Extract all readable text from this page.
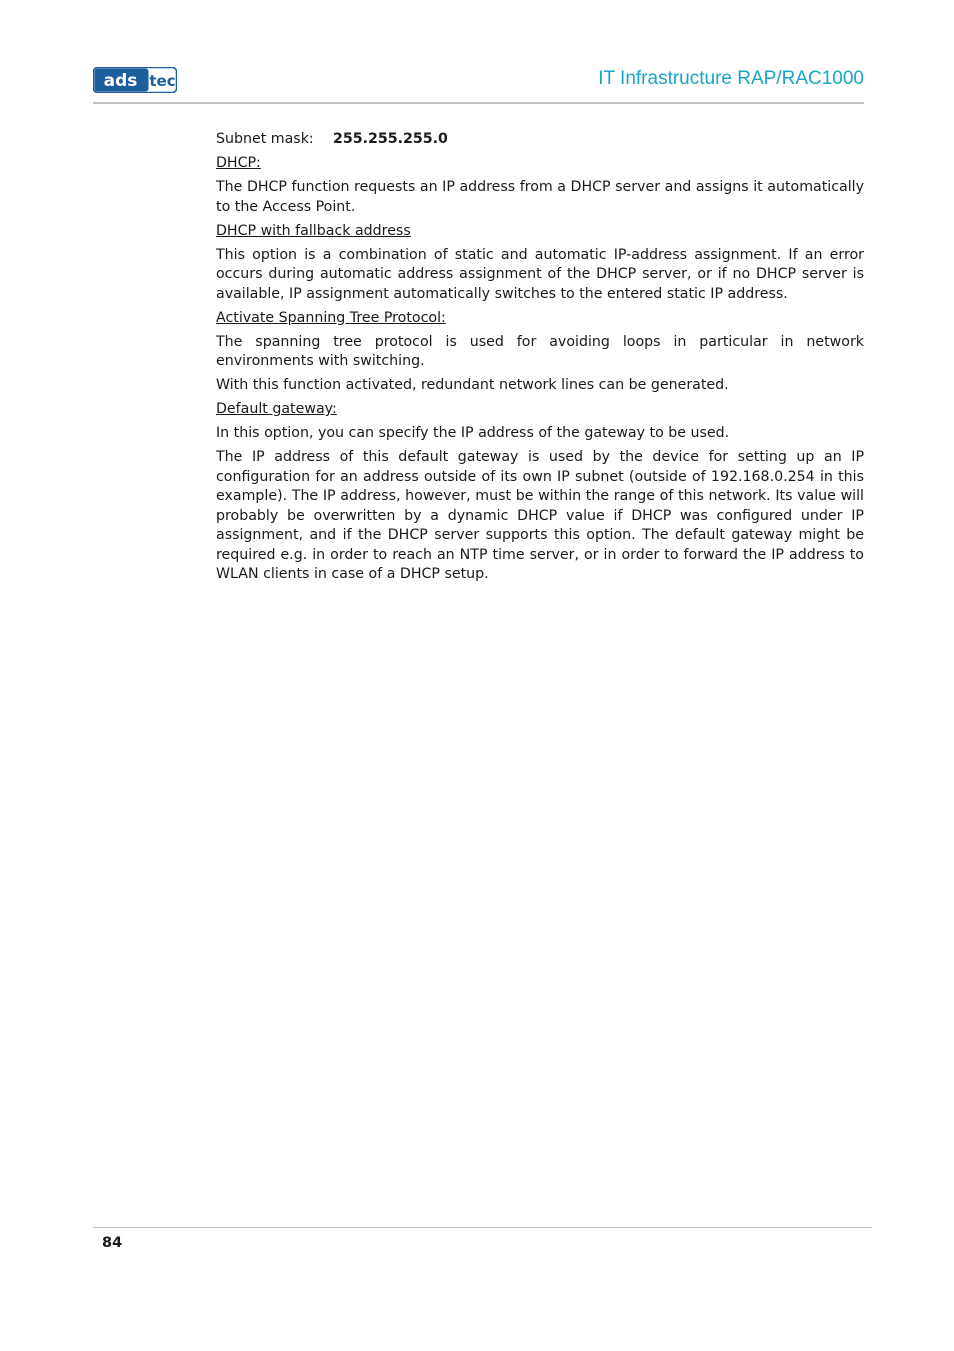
ads tec	IT Infrastructure RAP/RAC1000

Subnet mask: 255.255.255.0

DHCP:

The DHCP function requests an IP address from a DHCP server and assigns it automatically to the Access Point.

DHCP with fallback address

This option is a combination of static and automatic IP-address assignment. If an error occurs during automatic address assignment of the DHCP server, or if no DHCP server is available, IP assignment automatically switches to the entered static IP address.

Activate Spanning Tree Protocol:

The spanning tree protocol is used for avoiding loops in particular in network environments with switching.

With this function activated, redundant network lines can be generated.

Default gateway:

In this option, you can specify the IP address of the gateway to be used.

The IP address of this default gateway is used by the device for setting up an IP configuration for an address outside of its own IP subnet (outside of 192.168.0.254 in this example). The IP address, however, must be within the range of this network. Its value will probably be overwritten by a dynamic DHCP value if DHCP was configured under IP assignment, and if the DHCP server supports this option. The default gateway might be required e.g. in order to reach an NTP time server, or in order to forward the IP address to WLAN clients in case of a DHCP setup.

84
